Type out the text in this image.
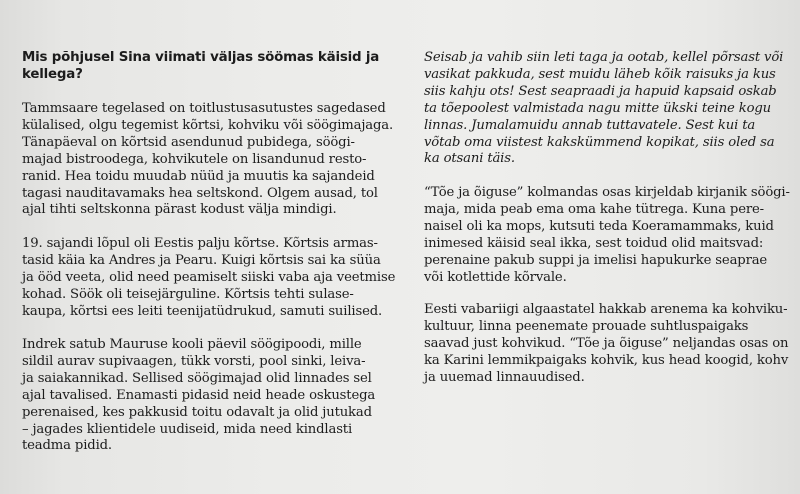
Mis põhjusel Sina viimati väljas söömas käisid ja
kellega?
Tammsaare tegelased on toitlustusasutustes sagedased
külalised, olgu tegemist kõrtsi, kohviku või söögimajaga.
Tänapäeval on kõrtsid asendunud pubidega, söögi-
majad bistroodega, kohvikutele on lisandunud resto-
ranid. Hea toidu muudab nüüd ja muutis ka sajandeid
tagasi nauditavamaks hea seltskond. Olgem ausad, tol
ajal tihti seltskonna pärast kodust välja mindigi.
19. sajandi lõpul oli Eestis palju kõrtse. Kõrtsis armas-
tasid käia ka Andres ja Pearu. Kuigi kõrtsis sai ka süüa
ja ööd veeta, olid need peamiselt siiski vaba aja veetmise
kohad. Söök oli teisejärguline. Kõrtsis tehti sulase-
kaupa, kõrtsi ees leiti teenijatüdrukud, samuti suilised.
Indrek satub Mauruse kooli päevil söögipoodi, mille
sildil aurav supivaagen, tükk vorsti, pool sinki, leiva-
ja saiakannikad. Sellised söögimajad olid linnades sel
ajal tavalised. Enamasti pidasid neid heade oskustega
perenaised, kes pakkusid toitu odavalt ja olid jutukad
– jagades klientidele uudiseid, mida need kindlasti
teadma pidid.
Seisab ja vahib siin leti taga ja ootab, kellel põrsast või
vasikat pakkuda, sest muidu läheb kõik raisuks ja kus
siis kahju ots! Sest seapraadi ja hapuid kapsaid oskab
ta tõepoolest valmistada nagu mitte ükski teine kogu
linnas. Jumalamuidu annab tuttavatele. Sest kui ta
võtab oma viistest kakskümmend kopikat, siis oled sa
ka otsani täis.
“Tõe ja õiguse” kolmandas osas kirjeldab kirjanik söögi-
maja, mida peab ema oma kahe tütrega. Kuna pere-
naisel oli ka mops, kutsuti teda Koeramammaks, kuid
inimesed käisid seal ikka, sest toidud olid maitsvad:
perenaine pakub suppi ja imelisi hapukurke seaprae
või kotlettide kõrvale.
Eesti vabariigi algaastatel hakkab arenema ka kohviku-
kultuur, linna peenemate prouade suhtluspaigaks
saavad just kohvikud. “Tõe ja õiguse” neljandas osas on
ka Karini lemmikpaigaks kohvik, kus head koogid, kohv
ja uuemad linnauudised.
